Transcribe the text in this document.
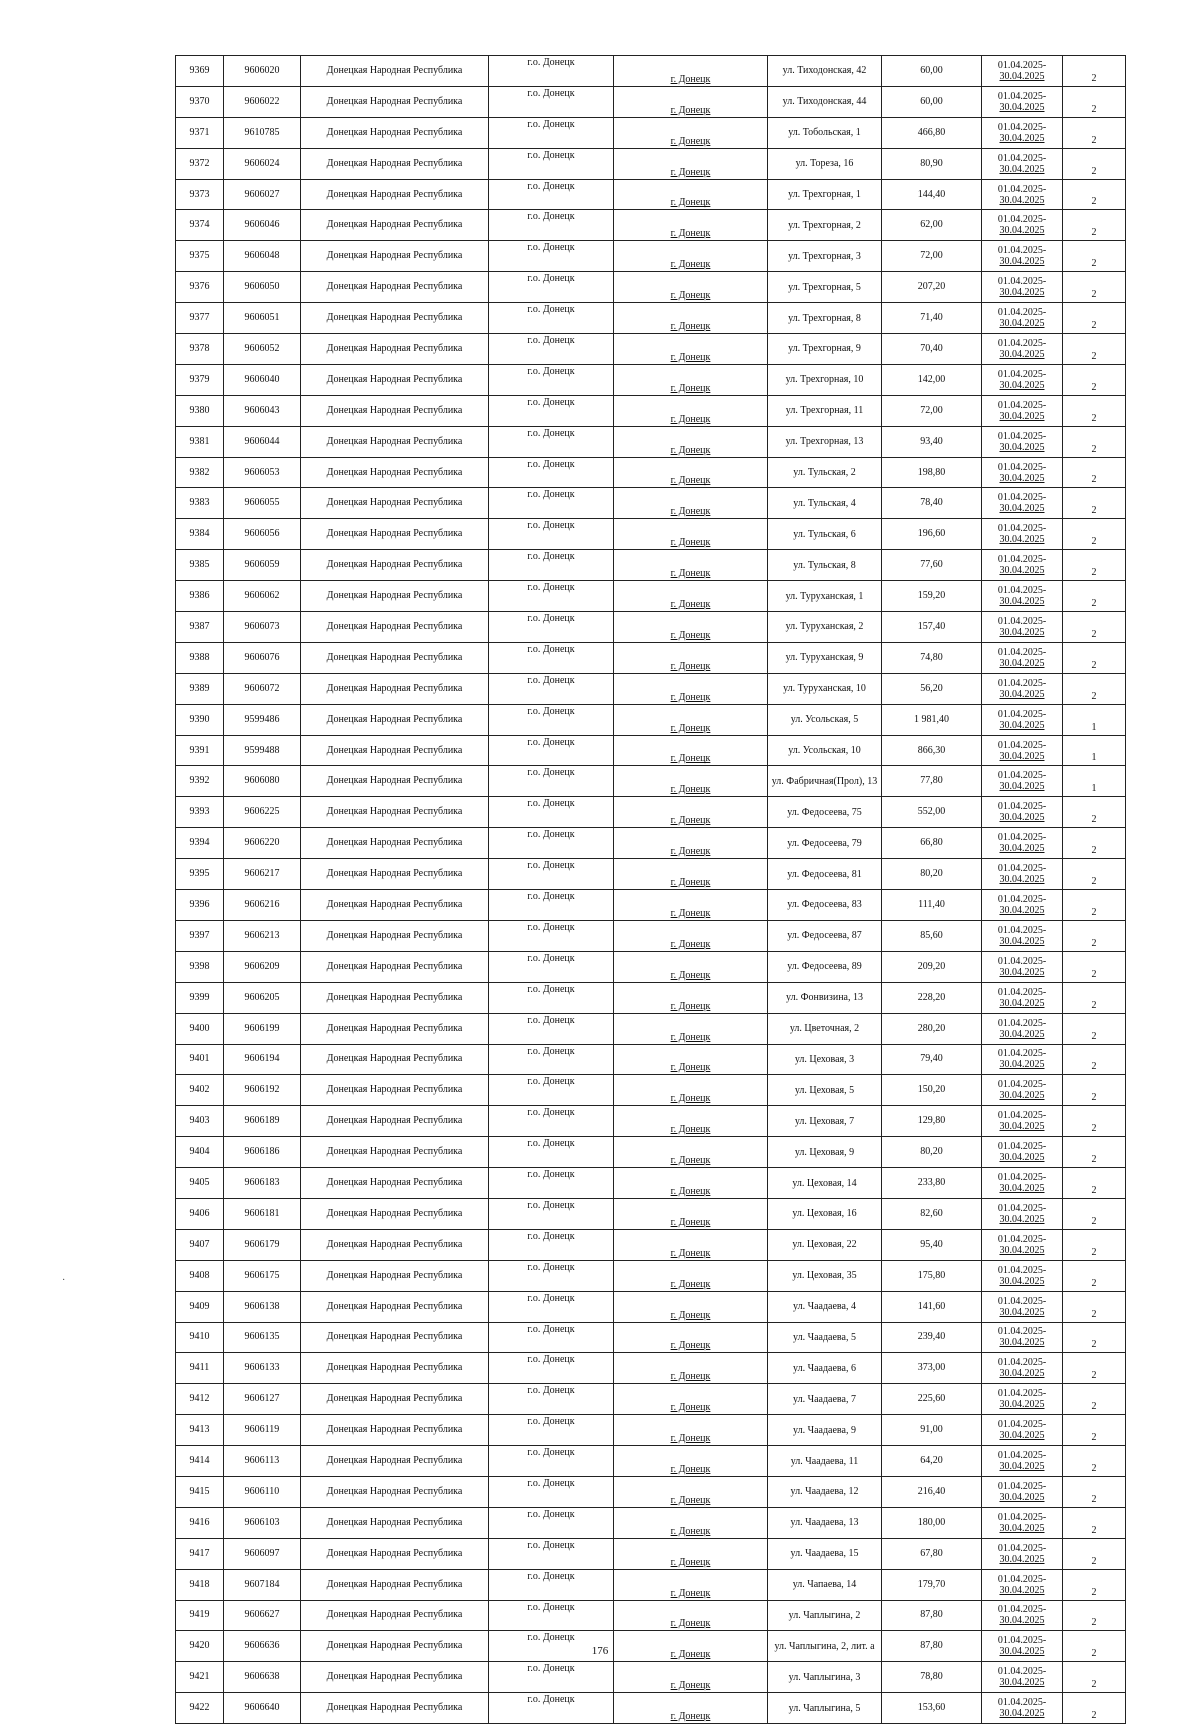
9369	9606020	Донецкая Народная Республика	г.о. Донецк	г. Донецк	ул. Тиходонская, 42	60,00	01.04.2025-
30.04.2025	2
9370	9606022	Донецкая Народная Республика	г.о. Донецк	г. Донецк	ул. Тиходонская, 44	60,00	01.04.2025-
30.04.2025	2
9371	9610785	Донецкая Народная Республика	г.о. Донецк	г. Донецк	ул. Тобольская, 1	466,80	01.04.2025-
30.04.2025	2
9372	9606024	Донецкая Народная Республика	г.о. Донецк	г. Донецк	ул. Тореза, 16	80,90	01.04.2025-
30.04.2025	2
9373	9606027	Донецкая Народная Республика	г.о. Донецк	г. Донецк	ул. Трехгорная, 1	144,40	01.04.2025-
30.04.2025	2
9374	9606046	Донецкая Народная Республика	г.о. Донецк	г. Донецк	ул. Трехгорная, 2	62,00	01.04.2025-
30.04.2025	2
9375	9606048	Донецкая Народная Республика	г.о. Донецк	г. Донецк	ул. Трехгорная, 3	72,00	01.04.2025-
30.04.2025	2
9376	9606050	Донецкая Народная Республика	г.о. Донецк	г. Донецк	ул. Трехгорная, 5	207,20	01.04.2025-
30.04.2025	2
9377	9606051	Донецкая Народная Республика	г.о. Донецк	г. Донецк	ул. Трехгорная, 8	71,40	01.04.2025-
30.04.2025	2
9378	9606052	Донецкая Народная Республика	г.о. Донецк	г. Донецк	ул. Трехгорная, 9	70,40	01.04.2025-
30.04.2025	2
9379	9606040	Донецкая Народная Республика	г.о. Донецк	г. Донецк	ул. Трехгорная, 10	142,00	01.04.2025-
30.04.2025	2
9380	9606043	Донецкая Народная Республика	г.о. Донецк	г. Донецк	ул. Трехгорная, 11	72,00	01.04.2025-
30.04.2025	2
9381	9606044	Донецкая Народная Республика	г.о. Донецк	г. Донецк	ул. Трехгорная, 13	93,40	01.04.2025-
30.04.2025	2
9382	9606053	Донецкая Народная Республика	г.о. Донецк	г. Донецк	ул. Тульская, 2	198,80	01.04.2025-
30.04.2025	2
9383	9606055	Донецкая Народная Республика	г.о. Донецк	г. Донецк	ул. Тульская, 4	78,40	01.04.2025-
30.04.2025	2
9384	9606056	Донецкая Народная Республика	г.о. Донецк	г. Донецк	ул. Тульская, 6	196,60	01.04.2025-
30.04.2025	2
9385	9606059	Донецкая Народная Республика	г.о. Донецк	г. Донецк	ул. Тульская, 8	77,60	01.04.2025-
30.04.2025	2
9386	9606062	Донецкая Народная Республика	г.о. Донецк	г. Донецк	ул. Туруханская, 1	159,20	01.04.2025-
30.04.2025	2
9387	9606073	Донецкая Народная Республика	г.о. Донецк	г. Донецк	ул. Туруханская, 2	157,40	01.04.2025-
30.04.2025	2
9388	9606076	Донецкая Народная Республика	г.о. Донецк	г. Донецк	ул. Туруханская, 9	74,80	01.04.2025-
30.04.2025	2
9389	9606072	Донецкая Народная Республика	г.о. Донецк	г. Донецк	ул. Туруханская, 10	56,20	01.04.2025-
30.04.2025	2
9390	9599486	Донецкая Народная Республика	г.о. Донецк	г. Донецк	ул. Усольская, 5	1 981,40	01.04.2025-
30.04.2025	1
9391	9599488	Донецкая Народная Республика	г.о. Донецк	г. Донецк	ул. Усольская, 10	866,30	01.04.2025-
30.04.2025	1
9392	9606080	Донецкая Народная Республика	г.о. Донецк	г. Донецк	ул. Фабричная(Прол), 13	77,80	01.04.2025-
30.04.2025	1
9393	9606225	Донецкая Народная Республика	г.о. Донецк	г. Донецк	ул. Федосеева, 75	552,00	01.04.2025-
30.04.2025	2
9394	9606220	Донецкая Народная Республика	г.о. Донецк	г. Донецк	ул. Федосеева, 79	66,80	01.04.2025-
30.04.2025	2
9395	9606217	Донецкая Народная Республика	г.о. Донецк	г. Донецк	ул. Федосеева, 81	80,20	01.04.2025-
30.04.2025	2
9396	9606216	Донецкая Народная Республика	г.о. Донецк	г. Донецк	ул. Федосеева, 83	111,40	01.04.2025-
30.04.2025	2
9397	9606213	Донецкая Народная Республика	г.о. Донецк	г. Донецк	ул. Федосеева, 87	85,60	01.04.2025-
30.04.2025	2
9398	9606209	Донецкая Народная Республика	г.о. Донецк	г. Донецк	ул. Федосеева, 89	209,20	01.04.2025-
30.04.2025	2
9399	9606205	Донецкая Народная Республика	г.о. Донецк	г. Донецк	ул. Фонвизина, 13	228,20	01.04.2025-
30.04.2025	2
9400	9606199	Донецкая Народная Республика	г.о. Донецк	г. Донецк	ул. Цветочная, 2	280,20	01.04.2025-
30.04.2025	2
9401	9606194	Донецкая Народная Республика	г.о. Донецк	г. Донецк	ул. Цеховая, 3	79,40	01.04.2025-
30.04.2025	2
9402	9606192	Донецкая Народная Республика	г.о. Донецк	г. Донецк	ул. Цеховая, 5	150,20	01.04.2025-
30.04.2025	2
9403	9606189	Донецкая Народная Республика	г.о. Донецк	г. Донецк	ул. Цеховая, 7	129,80	01.04.2025-
30.04.2025	2
9404	9606186	Донецкая Народная Республика	г.о. Донецк	г. Донецк	ул. Цеховая, 9	80,20	01.04.2025-
30.04.2025	2
9405	9606183	Донецкая Народная Республика	г.о. Донецк	г. Донецк	ул. Цеховая, 14	233,80	01.04.2025-
30.04.2025	2
9406	9606181	Донецкая Народная Республика	г.о. Донецк	г. Донецк	ул. Цеховая, 16	82,60	01.04.2025-
30.04.2025	2
9407	9606179	Донецкая Народная Республика	г.о. Донецк	г. Донецк	ул. Цеховая, 22	95,40	01.04.2025-
30.04.2025	2
9408	9606175	Донецкая Народная Республика	г.о. Донецк	г. Донецк	ул. Цеховая, 35	175,80	01.04.2025-
30.04.2025	2
9409	9606138	Донецкая Народная Республика	г.о. Донецк	г. Донецк	ул. Чаадаева, 4	141,60	01.04.2025-
30.04.2025	2
9410	9606135	Донецкая Народная Республика	г.о. Донецк	г. Донецк	ул. Чаадаева, 5	239,40	01.04.2025-
30.04.2025	2
9411	9606133	Донецкая Народная Республика	г.о. Донецк	г. Донецк	ул. Чаадаева, 6	373,00	01.04.2025-
30.04.2025	2
9412	9606127	Донецкая Народная Республика	г.о. Донецк	г. Донецк	ул. Чаадаева, 7	225,60	01.04.2025-
30.04.2025	2
9413	9606119	Донецкая Народная Республика	г.о. Донецк	г. Донецк	ул. Чаадаева, 9	91,00	01.04.2025-
30.04.2025	2
9414	9606113	Донецкая Народная Республика	г.о. Донецк	г. Донецк	ул. Чаадаева, 11	64,20	01.04.2025-
30.04.2025	2
9415	9606110	Донецкая Народная Республика	г.о. Донецк	г. Донецк	ул. Чаадаева, 12	216,40	01.04.2025-
30.04.2025	2
9416	9606103	Донецкая Народная Республика	г.о. Донецк	г. Донецк	ул. Чаадаева, 13	180,00	01.04.2025-
30.04.2025	2
9417	9606097	Донецкая Народная Республика	г.о. Донецк	г. Донецк	ул. Чаадаева, 15	67,80	01.04.2025-
30.04.2025	2
9418	9607184	Донецкая Народная Республика	г.о. Донецк	г. Донецк	ул. Чапаева, 14	179,70	01.04.2025-
30.04.2025	2
9419	9606627	Донецкая Народная Республика	г.о. Донецк	г. Донецк	ул. Чаплыгина, 2	87,80	01.04.2025-
30.04.2025	2
9420	9606636	Донецкая Народная Республика	г.о. Донецк	г. Донецк	ул. Чаплыгина, 2, лит. а	87,80	01.04.2025-
30.04.2025	2
9421	9606638	Донецкая Народная Республика	г.о. Донецк	г. Донецк	ул. Чаплыгина, 3	78,80	01.04.2025-
30.04.2025	2
9422	9606640	Донецкая Народная Республика	г.о. Донецк	г. Донецк	ул. Чаплыгина, 5	153,60	01.04.2025-
30.04.2025	2
176
·
